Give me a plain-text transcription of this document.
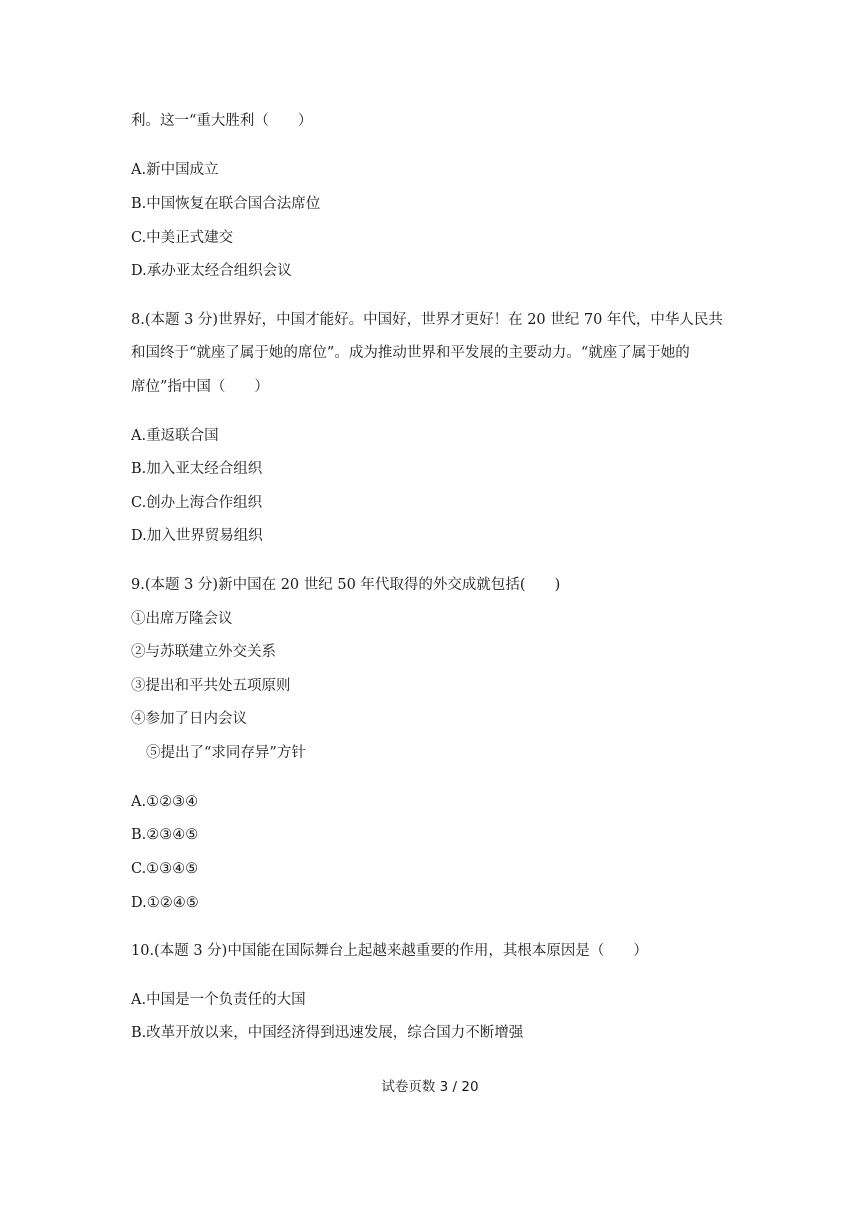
利。这一“重大胜利（　　）
A.新中国成立
B.中国恢复在联合国合法席位
C.中美正式建交
D.承办亚太经合组织会议
8.(本题 3 分)世界好，中国才能好。中国好，世界才更好！在 20 世纪 70 年代，中华人民共
和国终于“就座了属于她的席位”。成为推动世界和平发展的主要动力。“就座了属于她的
席位”指中国（　　）
A.重返联合国
B.加入亚太经合组织
C.创办上海合作组织
D.加入世界贸易组织
9.(本题 3 分)新中国在 20 世纪 50 年代取得的外交成就包括(　　)
①出席万隆会议
②与苏联建立外交关系
③提出和平共处五项原则
④参加了日内会议
⑤提出了“求同存异”方针
A.①②③④
B.②③④⑤
C.①③④⑤
D.①②④⑤
10.(本题 3 分)中国能在国际舞台上起越来越重要的作用，其根本原因是（　　）
A.中国是一个负责任的大国
B.改革开放以来，中国经济得到迅速发展，综合国力不断增强
试卷页数 3 / 20
